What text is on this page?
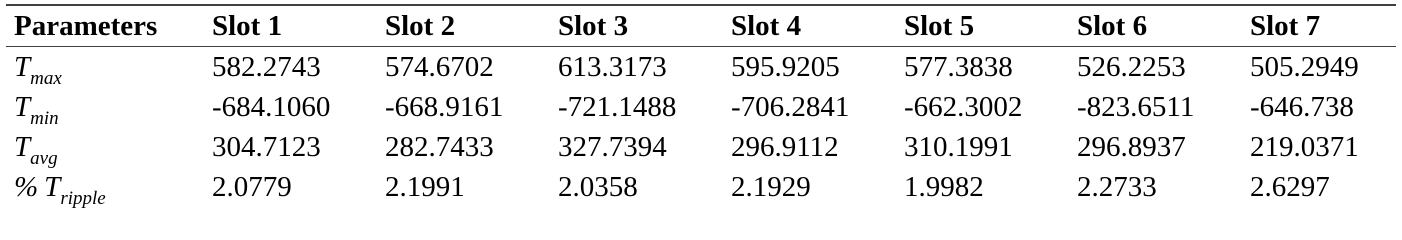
Parameters	Slot 1	Slot 2	Slot 3	Slot 4	Slot 5	Slot 6	Slot 7
$T_{max}$	582.2743	574.6702	613.3173	595.9205	577.3838	526.2253	505.2949
$T_{min}$	-684.1060	-668.9161	-721.1488	-706.2841	-662.3002	-823.6511	-646.738
$T_{avg}$	304.7123	282.7433	327.7394	296.9112	310.1991	296.8937	219.0371
% $T_{ripple}$	2.0779	2.1991	2.0358	2.1929	1.9982	2.2733	2.6297
